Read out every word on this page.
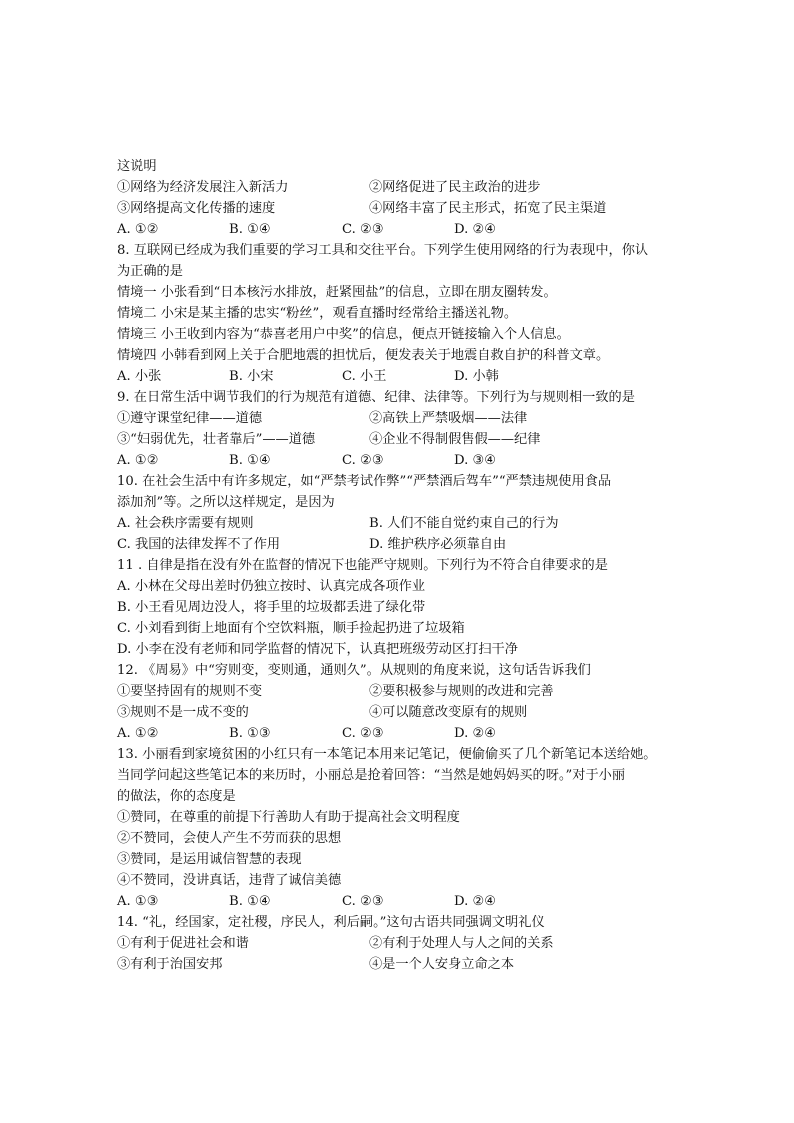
这说明
①网络为经济发展注入新活力	②网络促进了民主政治的进步
③网络提高文化传播的速度	④网络丰富了民主形式，拓宽了民主渠道
A. ①②	B. ①④	C. ②③	D. ②④
8. 互联网已经成为我们重要的学习工具和交往平台。下列学生使用网络的行为表现中，你认
为正确的是
情境一 小张看到“日本核污水排放，赶紧囤盐”的信息，立即在朋友圈转发。
情境二 小宋是某主播的忠实“粉丝”，观看直播时经常给主播送礼物。
情境三 小王收到内容为“恭喜老用户中奖”的信息，便点开链接输入个人信息。
情境四 小韩看到网上关于合肥地震的担忧后，便发表关于地震自救自护的科普文章。
A. 小张	B. 小宋	C. 小王	D. 小韩
9. 在日常生活中调节我们的行为规范有道德、纪律、法律等。下列行为与规则相一致的是
①遵守课堂纪律——道德	②高铁上严禁吸烟——法律
③“妇弱优先，壮者靠后”——道德	④企业不得制假售假——纪律
A. ①②	B. ①④	C. ②③	D. ③④
10. 在社会生活中有许多规定，如“严禁考试作弊”“严禁酒后驾车”“严禁违规使用食品
添加剂”等。之所以这样规定，是因为
A. 社会秩序需要有规则	B. 人们不能自觉约束自己的行为
C. 我国的法律发挥不了作用	D. 维护秩序必须靠自由
11 . 自律是指在没有外在监督的情况下也能严守规则。下列行为不符合自律要求的是
A. 小林在父母出差时仍独立按时、认真完成各项作业
B. 小王看见周边没人，将手里的垃圾都丢进了绿化带
C. 小刘看到街上地面有个空饮料瓶，顺手捡起扔进了垃圾箱
D. 小李在没有老师和同学监督的情况下，认真把班级劳动区打扫干净
12. 《周易》中“穷则变，变则通，通则久”。从规则的角度来说，这句话告诉我们
①要坚持固有的规则不变	②要积极参与规则的改进和完善
③规则不是一成不变的	④可以随意改变原有的规则
A. ①②	B. ①③	C. ②③	D. ②④
13. 小丽看到家境贫困的小红只有一本笔记本用来记笔记，便偷偷买了几个新笔记本送给她。
当同学问起这些笔记本的来历时，小丽总是抢着回答：“当然是她妈妈买的呀。”对于小丽
的做法，你的态度是
①赞同，在尊重的前提下行善助人有助于提高社会文明程度
②不赞同，会使人产生不劳而获的思想
③赞同，是运用诚信智慧的表现
④不赞同，没讲真话，违背了诚信美德
A. ①③	B. ①④	C. ②③	D. ②④
14. “礼，经国家，定社稷，序民人，利后嗣。”这句古语共同强调文明礼仪
①有利于促进社会和谐	②有利于处理人与人之间的关系
③有利于治国安邦	④是一个人安身立命之本
